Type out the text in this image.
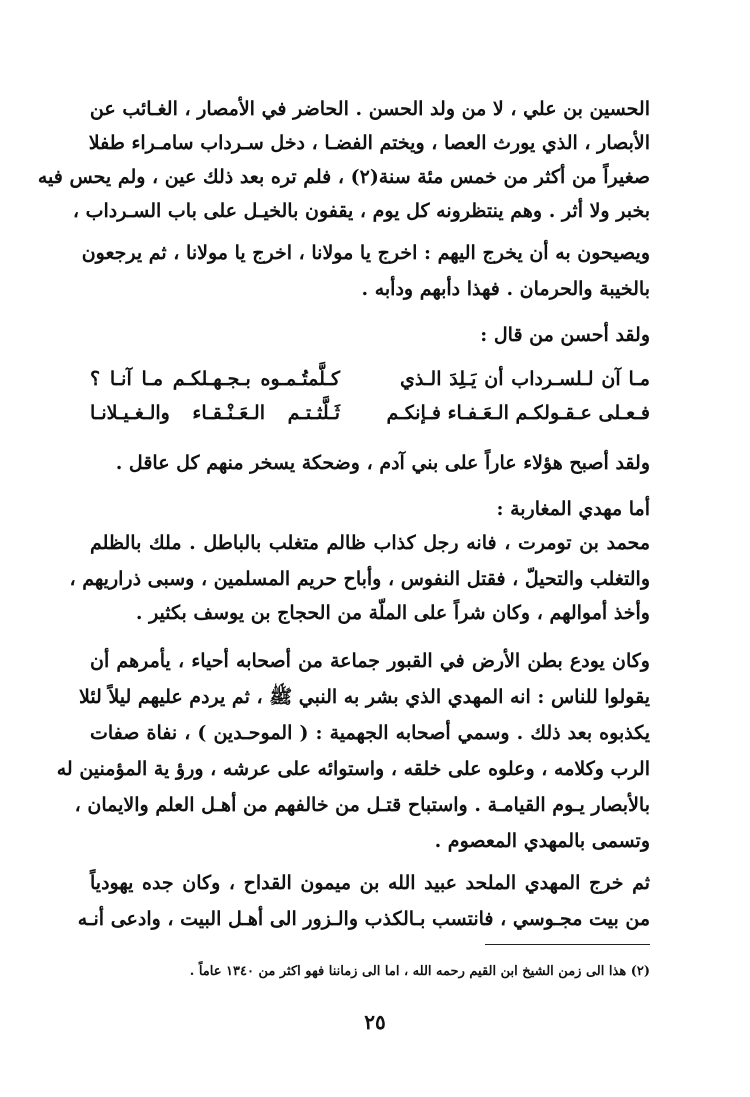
الحسين بن علي ، لا من ولد الحسن . الحاضر في الأمصار ، الغـائب عن
الأبصار ، الذي يورث العصا ، ويختم الفضـا ، دخل سـرداب سامـراء طفلا
صغيراً من أكثر من خمس مئة سنة(٢) ، فلم تره بعد ذلك عين ، ولم يحس فيه
بخبر ولا أثر . وهم ينتظرونه كل يوم ، يقفون بالخيـل على باب السـرداب ،
ويصيحون به أن يخرج اليهم : اخرج يا مولانا ، اخرج يا مولانا ، ثم يرجعون
بالخيبة والحرمان . فهذا دأبهم ودأبه .
ولقد أحسن من قال :
مـا آن لـلسـرداب أن يَـلِدَ الـذي
كـلَّمتُـمـوه بـجـهـلكـم مـا آنـا ؟
فـعـلى عـقـولكـم الـعَـفـاء فـإنكـم
ثَـلَّثـتـم الـعَـنْـقـاء والـغـيـلانـا
ولقد أصبح هؤلاء عاراً على بني آدم ، وضحكة يسخر منهم كل عاقل .
أما مهدي المغاربة :
محمد بن تومرت ، فانه رجل كذاب ظالم متغلب بالباطل . ملك بالظلم
والتغلب والتحيلّ ، فقتل النفوس ، وأباح حريم المسلمين ، وسبى ذراريهم ،
وأخذ أموالهم ، وكان شراً على الملّة من الحجاج بن يوسف بكثير .
وكان يودع بطن الأرض في القبور جماعة من أصحابه أحياء ، يأمرهم أن
يقولوا للناس : انه المهدي الذي بشر به النبي ﷺ ، ثم يردم عليهم ليلاً لئلا
يكذبوه بعد ذلك . وسمي أصحابه الجهمية : ( الموحـدين ) ، نفاة صفات
الرب وكلامه ، وعلوه على خلقه ، واستوائه على عرشه ، ورؤ ية المؤمنين له
بالأبصار يـوم القيامـة . واستباح قتـل من خالفهم من أهـل العلم والايمان ،
وتسمى بالمهدي المعصوم .
ثم خرج المهدي الملحد عبيد الله بن ميمون القداح ، وكان جده يهودياً
من بيت مجـوسي ، فانتسب بـالكذب والـزور الى أهـل البيت ، وادعى أنـه
(٢) هذا الى زمن الشيخ ابن القيم رحمه الله ، اما الى زماننا فهو اكثر من ١٣٤٠ عاماً .
٢٥
